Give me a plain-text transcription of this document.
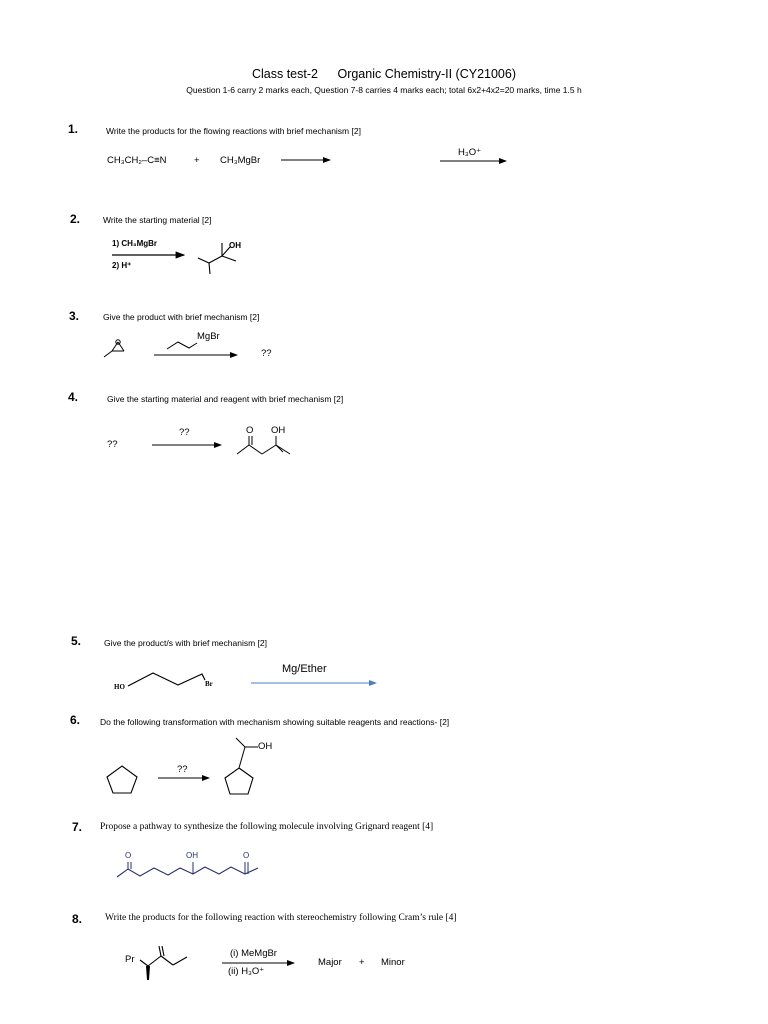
Class test-2 Organic Chemistry-II (CY21006)
Question 1-6 carry 2 marks each, Question 7-8 carries 4 marks each; total 6x2+4x2=20 marks, time 1.5 h
1.	Write the products for the flowing reactions with brief mechanism [2]
2.	Write the starting material [2]
3.	Give the product with brief mechanism [2]
4.	Give the starting material and reagent with brief mechanism [2]
5.	Give the product/s with brief mechanism [2]
6. Do the following transformation with mechanism showing suitable reagents and reactions- [2]
7. Propose a pathway to synthesize the following molecule involving Grignard reagent [4]
8. Write the products for the following reaction with stereochemistry following Cram’s rule [4]
CH₃CH₂–C≡N	+ CH₃MgBr
H₃O⁺
1) CH₃MgBr
2) H⁺
OH
MgBr
??
??
??	O OH
HO	Br
Mg/Ether
??
OH
O	OH	O
Pr
(i) MeMgBr
(ii) H₃O⁺
Major + Minor
